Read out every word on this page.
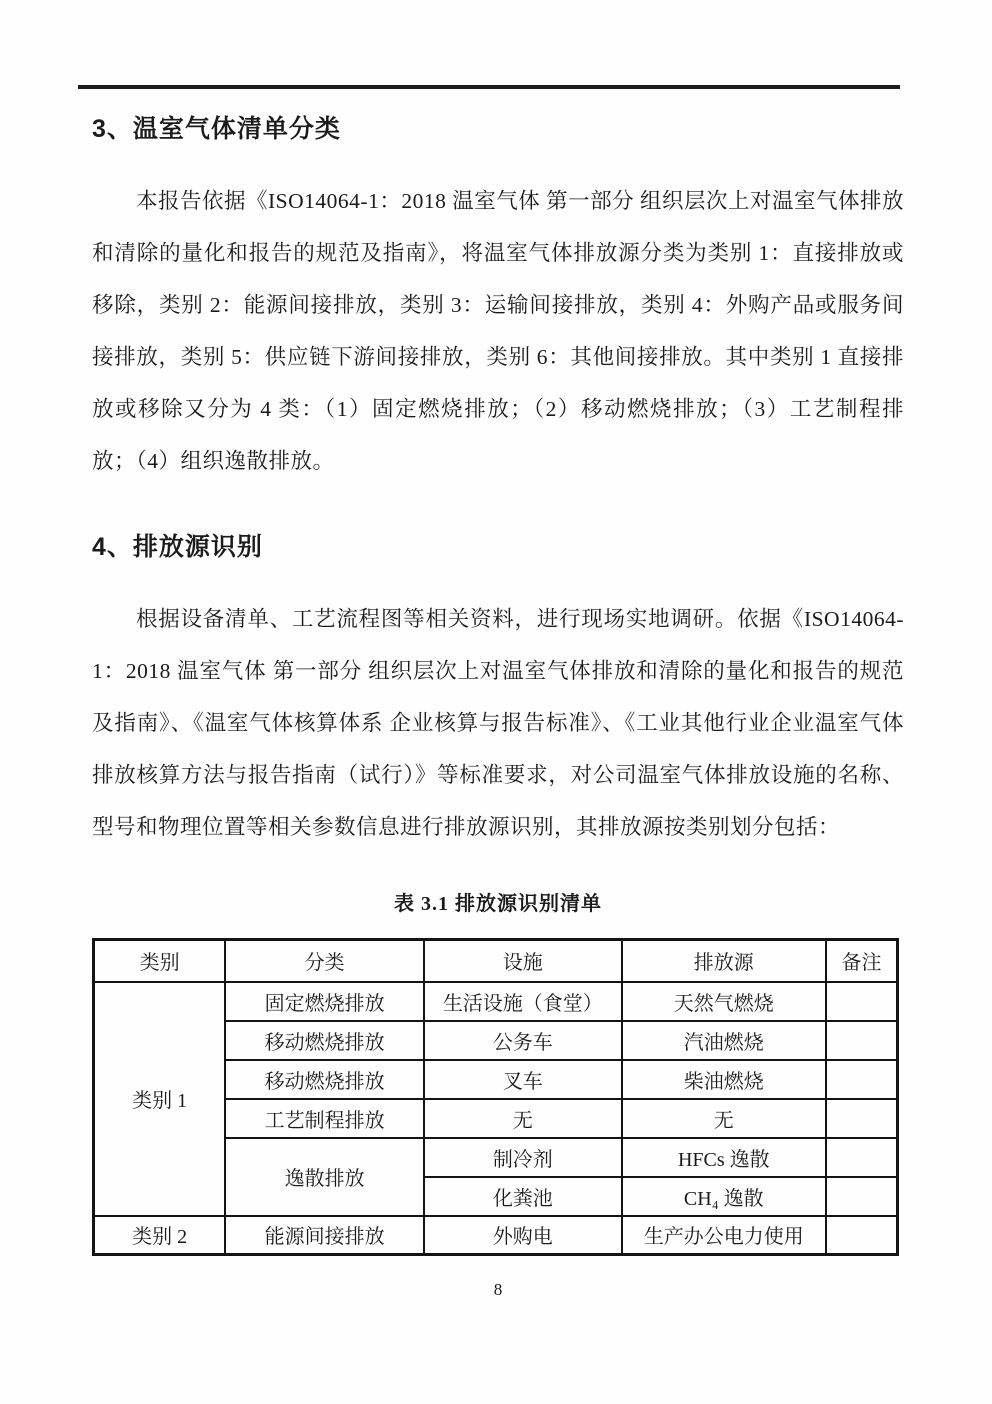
3、温室气体清单分类

本报告依据《ISO14064-1：2018 温室气体 第一部分 组织层次上对温室气体排放和清除的量化和报告的规范及指南》，将温室气体排放源分类为类别 1：直接排放或移除，类别 2：能源间接排放，类别 3：运输间接排放，类别 4：外购产品或服务间接排放，类别 5：供应链下游间接排放，类别 6：其他间接排放。其中类别 1 直接排放或移除又分为 4 类：（1）固定燃烧排放；（2）移动燃烧排放；（3）工艺制程排放；（4）组织逸散排放。

4、排放源识别

根据设备清单、工艺流程图等相关资料，进行现场实地调研。依据《ISO14064-1：2018 温室气体 第一部分 组织层次上对温室气体排放和清除的量化和报告的规范及指南》、《温室气体核算体系 企业核算与报告标准》、《工业其他行业企业温室气体排放核算方法与报告指南（试行）》等标准要求，对公司温室气体排放设施的名称、型号和物理位置等相关参数信息进行排放源识别，其排放源按类别划分包括：

表 3.1 排放源识别清单
类别	分类	设施	排放源	备注
类别 1	固定燃烧排放	生活设施（食堂）	天然气燃烧	
	移动燃烧排放	公务车	汽油燃烧	
	移动燃烧排放	叉车	柴油燃烧	
	工艺制程排放	无	无	
	逸散排放	制冷剂	HFCs 逸散	
		化粪池	CH₄ 逸散	
类别 2	能源间接排放	外购电	生产办公电力使用	
8
